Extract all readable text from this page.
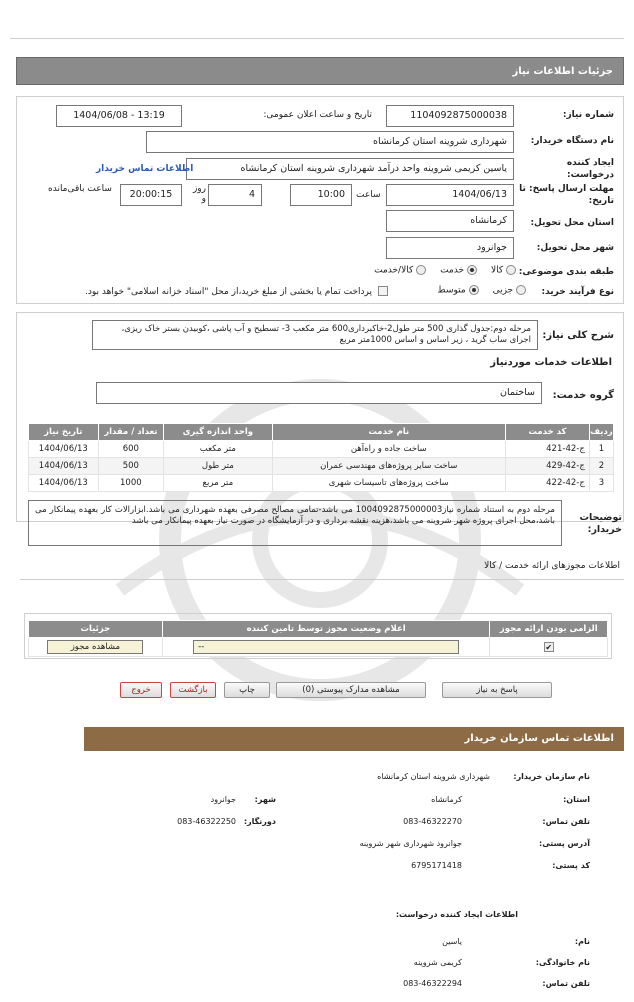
جزئیات اطلاعات نیاز
شماره نیاز:
1104092875000038
تاریخ و ساعت اعلان عمومی:
1404/06/08 - 13:19
نام دستگاه خریدار:
شهرداری شروینه استان کرمانشاه
ایجاد کننده درخواست:
یاسین کریمی شروینه واحد درآمد شهرداری شروینه استان کرمانشاه
اطلاعات تماس خریدار
مهلت ارسال پاسخ: تا تاریخ:
1404/06/13
ساعت
10:00
4
روز و
20:00:15
ساعت باقی‌مانده
استان محل تحویل:
کرمانشاه
شهر محل تحویل:
جوانرود
طبقه بندی موضوعی:
کالا
خدمت
کالا/خدمت
نوع فرآیند خرید:
جزیی
متوسط
پرداخت تمام یا بخشی از مبلغ خرید،از محل "اسناد خزانه اسلامی" خواهد بود.
شرح کلی نیاز:
مرحله دوم:جدول گذاری 500 متر طول2-خاکبرداری600 متر مکعب 3- تسطیح و آب پاشی ،کوبیدن بستر خاک ریزی، اجرای ساب گرید ، زیر اساس و اساس 1000متر مربع
اطلاعات خدمات موردنیاز
گروه خدمت:
ساختمان
تاریخ نیاز	تعداد / مقدار	واحد اندازه گیری	نام خدمت	کد خدمت	ردیف
1404/06/13	600	متر مکعب	ساخت جاده و راه‌آهن	ج-42-421	1
1404/06/13	500	متر طول	ساخت سایر پروژه‌های مهندسی عمران	ج-42-429	2
1404/06/13	1000	متر مربع	ساخت پروژه‌های تاسیسات شهری	ج-42-422	3
توضیحات خریدار:
مرحله دوم به استناد شماره نیاز1004092875000003 می باشد-تمامی مصالح مصرفی بعهده شهرداری می باشد.ابزارالات کار بعهده پیمانکار می باشد،محل اجرای پروژه شهر شروینه می باشد،هزینه نقشه برداری و در آزمایشگاه در صورت نیاز بعهده پیمانکار می باشد
اطلاعات مجوزهای ارائه خدمت / کالا
جزئیات	اعلام وضعیت مجوز توسط تامین کننده	الزامی بودن ارائه مجوز

مشاهده مجوز	--	✔
پاسخ به نیاز
مشاهده مدارک پیوستی (0)
چاپ
بازگشت
خروج
اطلاعات تماس سازمان خریدار
نام سازمان خریدار:
شهرداری شروینه استان کرمانشاه
استان:
کرمانشاه
شهر:
جوانرود
تلفن تماس:
083-46322270
دورنگار:
083-46322250
آدرس پستی:
جوانرود شهرداری شهر شروینه
کد پستی:
6795171418
اطلاعات ایجاد کننده درخواست:
نام:
یاسین
نام خانوادگی:
کریمی شروینه
تلفن تماس:
083-46322294
